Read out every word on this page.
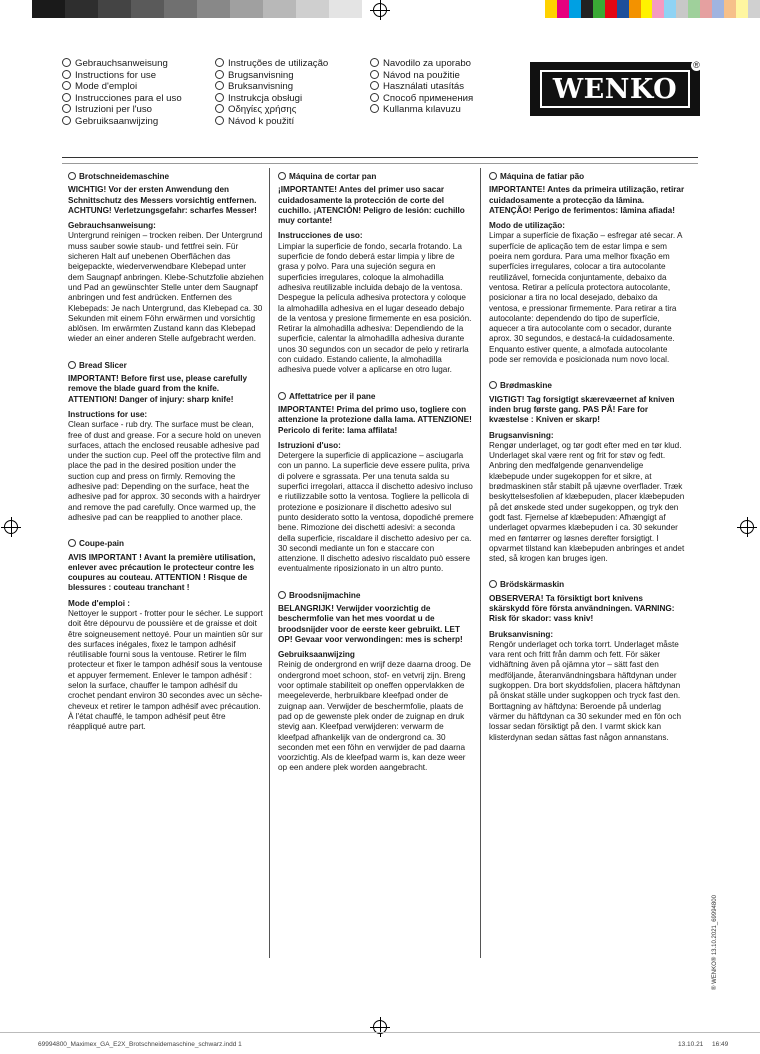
Gebrauchsanweisung
Instructions for use
Mode d'emploi
Instrucciones para el uso
Istruzioni per l'uso
Gebruiksaanwijzing
Instruções de utilização
Brugsanvisning
Bruksanvisning
Instrukcja obsługi
Οδηγίες χρήσης
Návod k použití
Navodilo za uporabo
Návod na použitie
Használati utasítás
Способ применения
Kullanma kılavuzu
WENKO
®
Brotschneidemaschine

WICHTIG! Vor der ersten Anwendung den Schnittschutz des Messers vorsichtig entfernen. ACHTUNG! Verletzungsgefahr: scharfes Messer!

Gebrauchsanweisung:

Untergrund reinigen – trocken reiben. Der Untergrund muss sauber sowie staub- und fettfrei sein. Für sicheren Halt auf unebenen Oberflächen das beigepackte, wiederverwendbare Klebepad unter dem Saugnapf anbringen. Klebe-Schutzfolie abziehen und Pad an gewünschter Stelle unter dem Saugnapf anbringen und fest andrücken. Entfernen des Klebepads: Je nach Untergrund, das Klebepad ca. 30 Sekunden mit einem Föhn erwärmen und vorsichtig ablösen. Im erwärmten Zustand kann das Klebepad wieder an einer anderen Stelle aufgebracht werden.

Bread Slicer

IMPORTANT! Before first use, please carefully remove the blade guard from the knife. ATTENTION! Danger of injury: sharp knife!

Instructions for use:

Clean surface - rub dry. The surface must be clean, free of dust and grease. For a secure hold on uneven surfaces, attach the enclosed reusable adhesive pad under the suction cup. Peel off the protective film and place the pad in the desired position under the suction cup and press on firmly. Removing the adhesive pad: Depending on the surface, heat the adhesive pad for approx. 30 seconds with a hairdryer and remove the pad carefully. Once warmed up, the adhesive pad can be reapplied to another place.

Coupe-pain

AVIS IMPORTANT ! Avant la première utilisation, enlever avec précaution le protecteur contre les coupures au couteau. ATTENTION ! Risque de blessures : couteau tranchant !

Mode d'emploi :

Nettoyer le support - frotter pour le sécher. Le support doit être dépourvu de poussière et de graisse et doit être soigneusement nettoyé. Pour un maintien sûr sur des surfaces inégales, fixez le tampon adhésif réutilisable fourni sous la ventouse. Retirer le film protecteur et fixer le tampon adhésif sous la ventouse et appuyer fermement. Enlever le tampon adhésif : selon la surface, chauffer le tampon adhésif du crochet pendant environ 30 secondes avec un sèche-cheveux et retirer le tampon adhésif avec précaution. À l'état chauffé, le tampon adhésif peut être réappliqué autre part.

Máquina de cortar pan

¡IMPORTANTE! Antes del primer uso sacar cuidadosamente la protección de corte del cuchillo. ¡ATENCIÓN! Peligro de lesión: cuchillo muy cortante!

Instrucciones de uso:

Limpiar la superficie de fondo, secarla frotando. La superficie de fondo deberá estar limpia y libre de grasa y polvo. Para una sujeción segura en superficies irregulares, coloque la almohadilla adhesiva reutilizable incluida debajo de la ventosa. Despegue la película adhesiva protectora y coloque la almohadilla adhesiva en el lugar deseado debajo de la ventosa y presione firmemente en esa posición. Retirar la almohadilla adhesiva: Dependiendo de la superficie, calentar la almohadilla adhesiva durante unos 30 segundos con un secador de pelo y retirarla con cuidado. Estando caliente, la almohadilla adhesiva puede volver a aplicarse en otro lugar.

Affettatrice per il pane

IMPORTANTE! Prima del primo uso, togliere con attenzione la protezione dalla lama. ATTENZIONE! Pericolo di ferite: lama affilata!

Istruzioni d'uso:

Detergere la superficie di applicazione – asciugarla con un panno. La superficie deve essere pulita, priva di polvere e sgrassata. Per una tenuta salda su superfici irregolari, attacca il dischetto adesivo incluso e riutilizzabile sotto la ventosa. Togliere la pellicola di protezione e posizionare il dischetto adesivo sul punto desiderato sotto la ventosa, dopodiché premere bene. Rimozione dei dischetti adesivi: a seconda della superficie, riscaldare il dischetto adesivo per ca. 30 secondi mediante un fon e staccare con attenzione. Il dischetto adesivo riscaldato può essere eventualmente riposizionato in un altro punto.

Broodsnijmachine

BELANGRIJK! Verwijder voorzichtig de beschermfolie van het mes voordat u de broodsnijder voor de eerste keer gebruikt. LET OP! Gevaar voor verwondingen: mes is scherp!

Gebruiksaanwijzing

Reinig de ondergrond en wrijf deze daarna droog. De ondergrond moet schoon, stof- en vetvrij zijn. Breng voor optimale stabiliteit op oneffen oppervlakken de meegeleverde, herbruikbare kleefpad onder de zuignap aan. Verwijder de beschermfolie, plaats de pad op de gewenste plek onder de zuignap en druk stevig aan. Kleefpad verwijderen: verwarm de kleefpad afhankelijk van de ondergrond ca. 30 seconden met een föhn en verwijder de pad daarna voorzichtig. Als de kleefpad warm is, kan deze weer op een andere plek worden aangebracht.

Máquina de fatiar pão

IMPORTANTE! Antes da primeira utilização, retirar cuidadosamente a protecção da lâmina. ATENÇÃO! Perigo de ferimentos: lâmina afiada!

Modo de utilização:

Limpar a superfície de fixação – esfregar até secar. A superfície de aplicação tem de estar limpa e sem poeira nem gordura. Para uma melhor fixação em superfícies irregulares, colocar a tira autocolante reutilizável, fornecida conjuntamente, debaixo da ventosa. Retirar a película protectora autocolante, posicionar a tira no local desejado, debaixo da ventosa, e pressionar firmemente. Para retirar a tira autocolante: dependendo do tipo de superfície, aquecer a tira autocolante com o secador, durante aprox. 30 segundos, e destacá-la cuidadosamente. Enquanto estiver quente, a almofada autocolante pode ser removida e posicionada num novo local.

Brødmaskine

VIGTIGT! Tag forsigtigt skærevæernet af kniven inden brug første gang. PAS PÅ! Fare for kvæstelse : Kniven er skarp!

Brugsanvisning:

Rengør underlaget, og tør godt efter med en tør klud. Underlaget skal være rent og frit for støv og fedt. Anbring den medfølgende genanvendelige klæbepude under sugekoppen for et sikre, at brødmaskinen står stabilt på ujævne overflader. Træk beskyttelsesfolien af klæbepuden, placer klæbepuden på det ønskede sted under sugekoppen, og tryk den godt fast. Fjernelse af klæbepuden: Afhængigt af underlaget opvarmes klæbepuden i ca. 30 sekunder med en føntørrer og løsnes derefter forsigtigt. I opvarmet tilstand kan klæbepuden anbringes et andet sted, så krogen kan bruges igen.

Brödskärmaskin

OBSERVERA! Ta försiktigt bort knivens skärskydd före första användningen. VARNING: Risk för skador: vass kniv!

Bruksanvisning:

Rengör underlaget och torka torrt. Underlaget måste vara rent och fritt från damm och fett. För säker vidhäftning även på ojämna ytor – sätt fast den medföljande, återanvändningsbara häftdynan under sugkoppen. Dra bort skyddsfolien, placera häftdynan på önskat ställe under sugkoppen och tryck fast den. Borttagning av häftdyna: Beroende på underlag värmer du häftdynan ca 30 sekunder med en fön och lossar sedan försiktigt på den. I varmt skick kan klisterdynan sedan sättas fast någon annanstans.

® WENKO® 13.10.2021_69994800
69994800_Maximex_GA_E2X_Brotschneidemaschine_schwarz.indd 1	13.10.21 16:49
